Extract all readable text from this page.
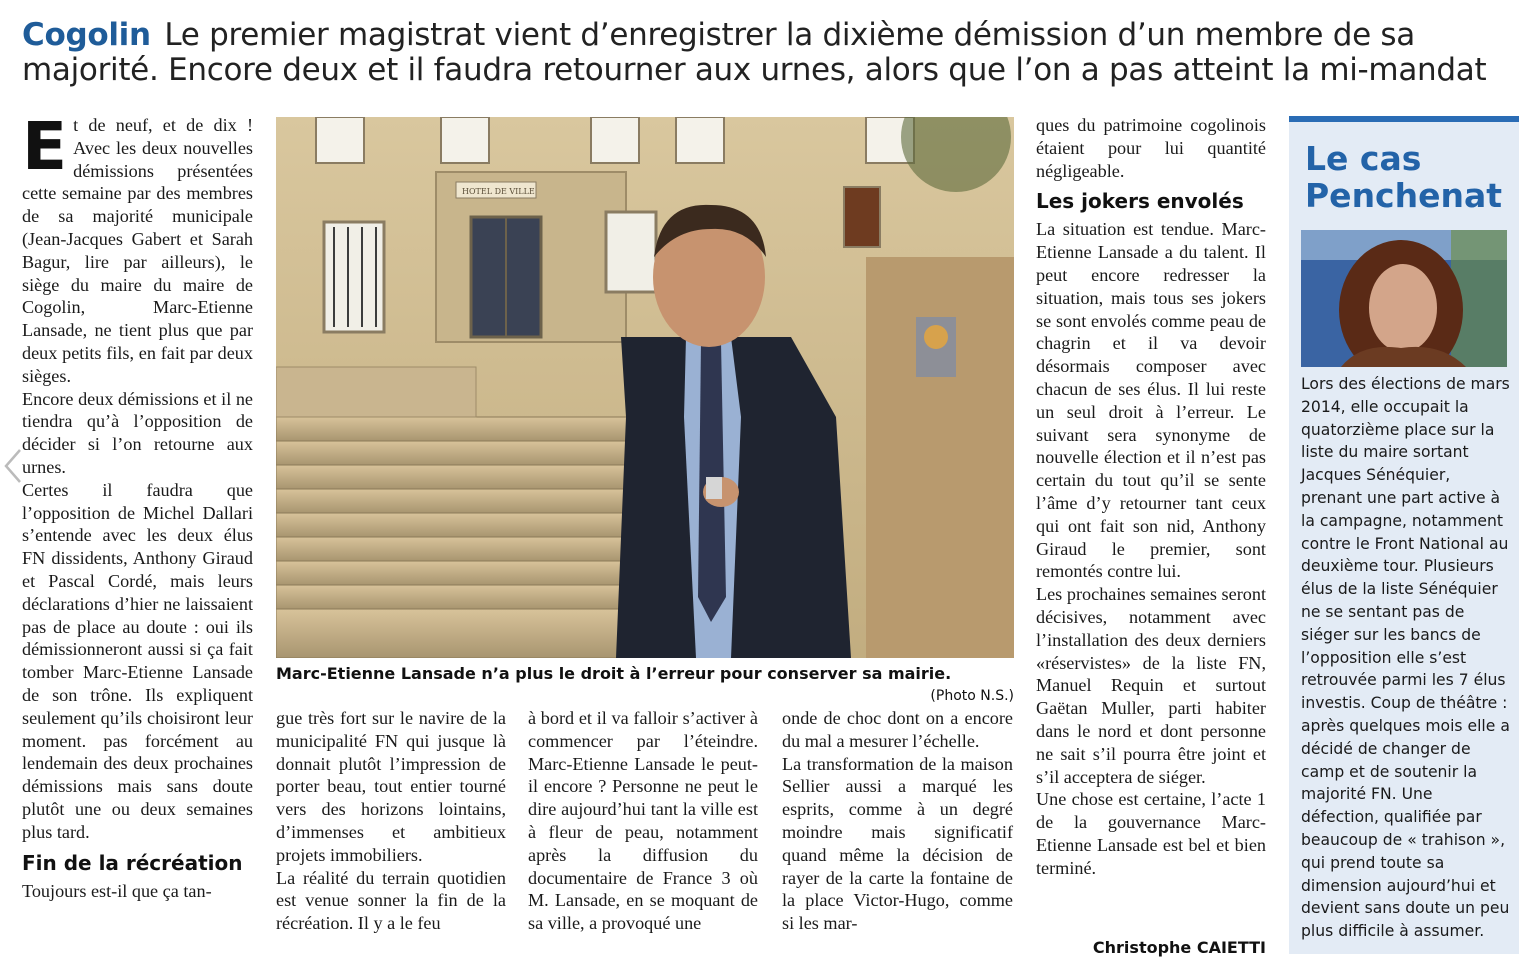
Cogolin Le premier magistrat vient d’enregistrer la dixième démission d’un membre de sa majorité. Encore deux et il faudra retourner aux urnes, alors que l’on a pas atteint la mi-mandat

E t de neuf, et de dix ! Avec les deux nouvelles démissions présentées cette semaine par des membres de sa majorité municipale (Jean-Jacques Gabert et Sarah Bagur, lire par ailleurs), le siège du maire du maire de Cogolin, Marc-Etienne Lansade, ne tient plus que par deux petits fils, en fait par deux sièges.

Encore deux démissions et il ne tiendra qu’à l’opposition de décider si l’on retourne aux urnes.

Certes il faudra que l’opposition de Michel Dallari s’entende avec les deux élus FN dissidents, Anthony Giraud et Pascal Cordé, mais leurs déclarations d’hier ne laissaient pas de place au doute : oui ils démissionneront aussi si ça fait tomber Marc-Etienne Lansade de son trône. Ils expliquent seulement qu’ils choisiront leur moment. pas forcément au lendemain des deux prochaines démissions mais sans doute plutôt une ou deux semaines plus tard.

Fin de la récréation

Toujours est-il que ça tan-

HOTEL DE VILLE
Marc-Etienne Lansade n’a plus le droit à l’erreur pour conserver sa mairie.
(Photo N.S.)

gue très fort sur le navire de la municipalité FN qui jusque là donnait plutôt l’impression de porter beau, tout entier tourné vers des horizons lointains, d’immenses et ambitieux projets immobiliers.

La réalité du terrain quotidien est venue sonner la fin de la récréation. Il y a le feu

à bord et il va falloir s’activer à commencer par l’éteindre. Marc-Etienne Lansade le peut-il encore ? Personne ne peut le dire aujourd’hui tant la ville est à fleur de peau, notamment après la diffusion du documentaire de France 3 où M. Lansade, en se moquant de sa ville, a provoqué une

onde de choc dont on a encore du mal a mesurer l’échelle.

La transformation de la maison Sellier aussi a marqué les esprits, comme à un degré moindre mais significatif quand même la décision de rayer de la carte la fontaine de la place Victor-Hugo, comme si les mar-

ques du patrimoine cogolinois étaient pour lui quantité négligeable.

Les jokers envolés

La situation est tendue. Marc-Etienne Lansade a du talent. Il peut encore redresser la situation, mais tous ses jokers se sont envolés comme peau de chagrin et il va devoir désormais composer avec chacun de ses élus. Il lui reste un seul droit à l’erreur. Le suivant sera synonyme de nouvelle élection et il n’est pas certain du tout qu’il se sente l’âme d’y retourner tant ceux qui ont fait son nid, Anthony Giraud le premier, sont remontés contre lui.

Les prochaines semaines seront décisives, notamment avec l’installation des deux derniers «réservistes» de la liste FN, Manuel Requin et surtout Gaëtan Muller, parti habiter dans le nord et dont personne ne sait s’il pourra être joint et s’il acceptera de siéger.

Une chose est certaine, l’acte 1 de la gouvernance Marc-Etienne Lansade est bel et bien terminé.

Christophe CAIETTI
Le cas Penchenat
Lors des élections de mars 2014, elle occupait la quatorzième place sur la liste du maire sortant Jacques Sénéquier, prenant une part active à la campagne, notamment contre le Front National au deuxième tour. Plusieurs élus de la liste Sénéquier ne se sentant pas de siéger sur les bancs de l’opposition elle s’est retrouvée parmi les 7 élus investis. Coup de théâtre : après quelques mois elle a décidé de changer de camp et de soutenir la majorité FN. Une défection, qualifiée par beaucoup de « trahison », qui prend toute sa dimension aujourd’hui et devient sans doute un peu plus difficile à assumer.
